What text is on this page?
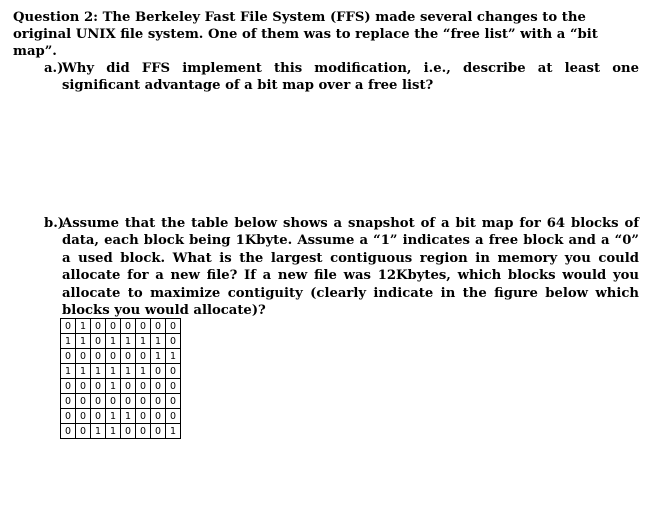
Question 2: The Berkeley Fast File System (FFS) made several changes to the original UNIX file system. One of them was to replace the “free list” with a “bit map”.
a.)
Why did FFS implement this modification, i.e., describe at least one significant advantage of a bit map over a free list?
b.)
Assume that the table below shows a snapshot of a bit map for 64 blocks of data, each block being 1Kbyte. Assume a “1” indicates a free block and a “0” a used block. What is the largest contiguous region in memory you could allocate for a new file? If a new file was 12Kbytes, which blocks would you allocate to maximize contiguity (clearly indicate in the figure below which blocks you would allocate)?
0	1	0	0	0	0	0	0
1	1	0	1	1	1	1	0
0	0	0	0	0	0	1	1
1	1	1	1	1	1	0	0
0	0	0	1	0	0	0	0
0	0	0	0	0	0	0	0
0	0	0	1	1	0	0	0
0	0	1	1	0	0	0	1
